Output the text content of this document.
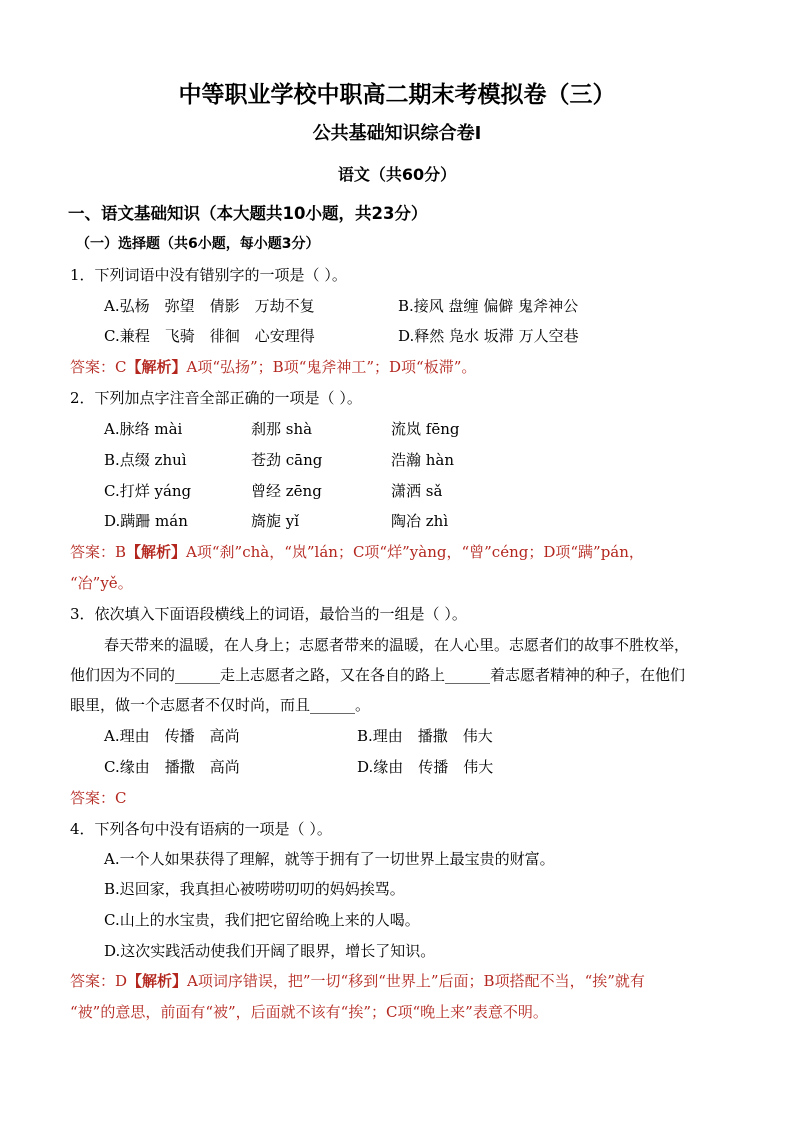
中等职业学校中职高二期末考模拟卷（三）
公共基础知识综合卷Ⅰ
语文（共60分）
一、语文基础知识（本大题共10小题，共23分）
（一）选择题（共6小题，每小题3分）
1．下列词语中没有错别字的一项是（ ）。
A.弘杨　弥望　倩影　万劫不复	B.接风 盘缠 偏僻 鬼斧神公
C.兼程　飞骑　徘徊　心安理得	D.释然 凫水 坂滞 万人空巷
答案：C【解析】A项“弘扬”；B项“鬼斧神工”；D项“板滞”。
2．下列加点字注音全部正确的一项是（ ）。
A.脉络 mài	刹那 shà	流岚 fēng
B.点缀 zhuì	苍劲 cāng	浩瀚 hàn
C.打烊 yáng	曾经 zēng	潇洒 sǎ
D.蹒跚 mán	旖旎 yǐ	陶冶 zhì
答案：B【解析】A项“刹”chà，“岚”lán；C项“烊”yàng，“曾”céng；D项“蹒”pán，
“冶”yě。
3．依次填入下面语段横线上的词语，最恰当的一组是（ ）。
春天带来的温暖，在人身上；志愿者带来的温暖，在人心里。志愿者们的故事不胜枚举，
他们因为不同的______走上志愿者之路，又在各自的路上______着志愿者精神的种子，在他们
眼里，做一个志愿者不仅时尚，而且______。
A.理由　传播　高尚	B.理由　播撒　伟大
C.缘由　播撒　高尚	D.缘由　传播　伟大
答案：C
4．下列各句中没有语病的一项是（ ）。
A.一个人如果获得了理解，就等于拥有了一切世界上最宝贵的财富。
B.迟回家，我真担心被唠唠叨叨的妈妈挨骂。
C.山上的水宝贵，我们把它留给晚上来的人喝。
D.这次实践活动使我们开阔了眼界，增长了知识。
答案：D【解析】A项词序错误，把”一切“移到“世界上”后面；B项搭配不当，“挨”就有
“被”的意思，前面有“被”，后面就不该有“挨”；C项“晚上来”表意不明。
